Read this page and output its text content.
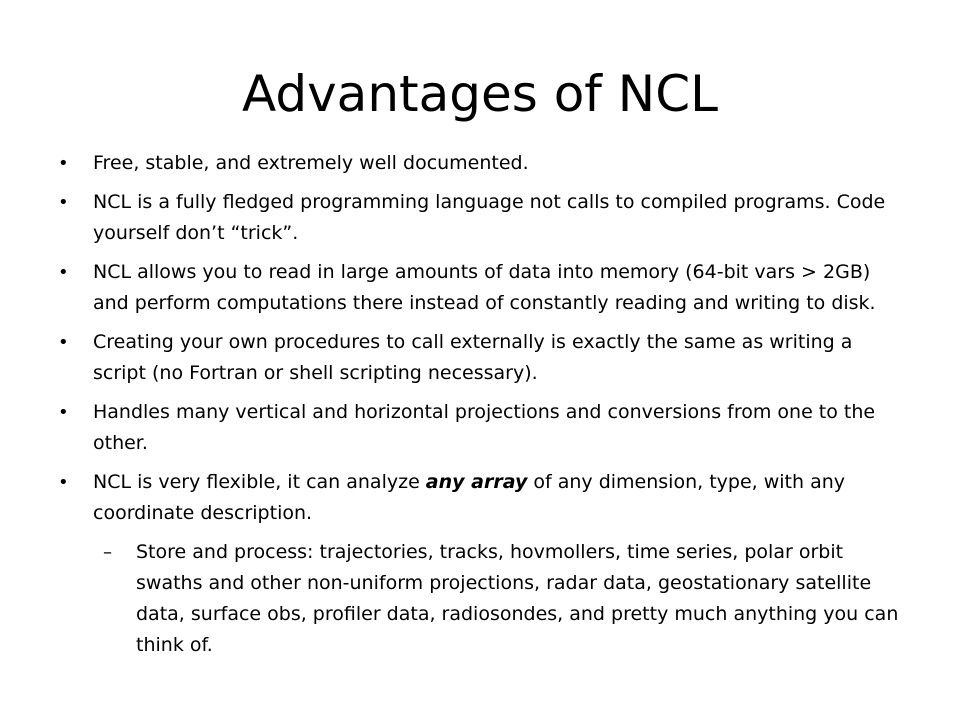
Advantages of NCL
•	Free, stable, and extremely well documented.
•	NCL is a fully fledged programming language not calls to compiled programs. Code yourself don’t “trick”.
•	NCL allows you to read in large amounts of data into memory (64-bit vars > 2GB) and perform computations there instead of constantly reading and writing to disk.
•	Creating your own procedures to call externally is exactly the same as writing a script (no Fortran or shell scripting necessary).
•	Handles many vertical and horizontal projections and conversions from one to the other.
•	NCL is very flexible, it can analyze any array of any dimension, type, with any coordinate description.
–	Store and process: trajectories, tracks, hovmollers, time series, polar orbit swaths and other non-uniform projections, radar data, geostationary satellite data, surface obs, profiler data, radiosondes, and pretty much anything you can think of.
